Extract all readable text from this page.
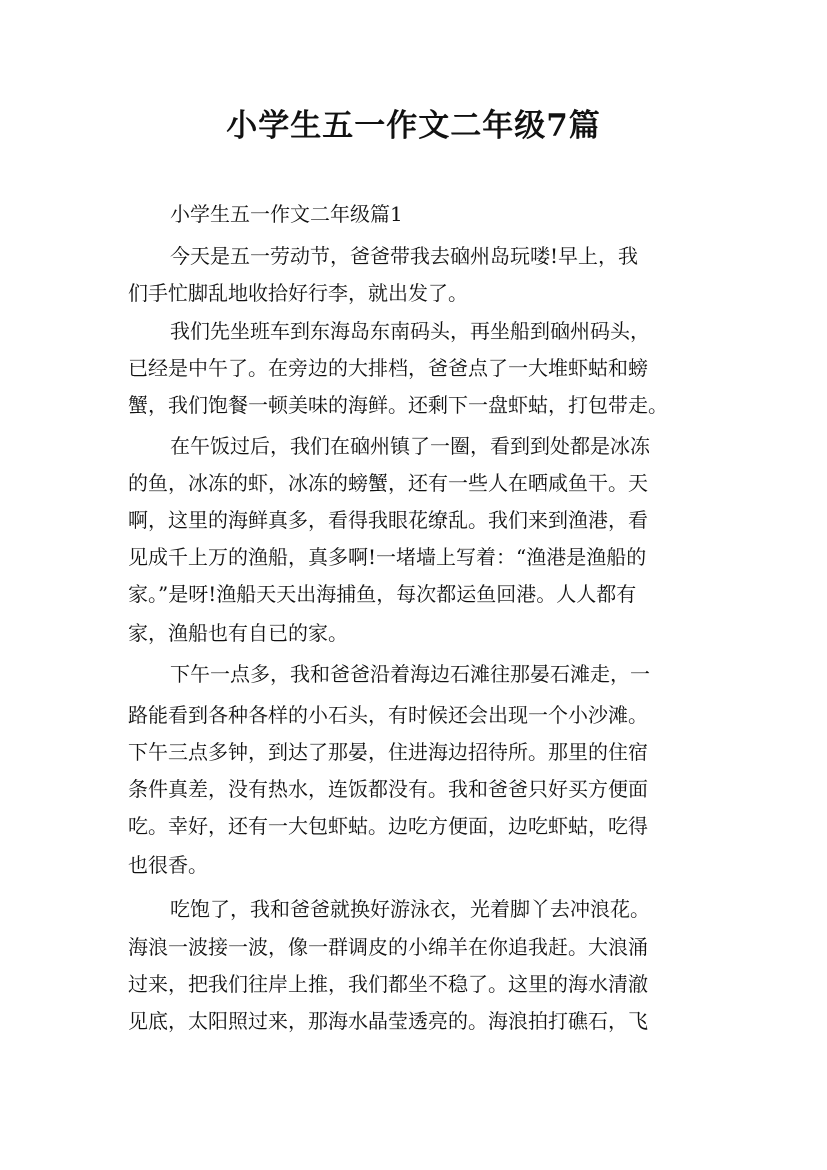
小学生五一作文二年级7篇

小学生五一作文二年级篇1

今天是五一劳动节，爸爸带我去硇州岛玩喽!早上，我

们手忙脚乱地收拾好行李，就出发了。

我们先坐班车到东海岛东南码头，再坐船到硇州码头，

已经是中午了。在旁边的大排档，爸爸点了一大堆虾蛄和螃

蟹，我们饱餐一顿美味的海鲜。还剩下一盘虾蛄，打包带走。

在午饭过后，我们在硇州镇了一圈，看到到处都是冰冻

的鱼，冰冻的虾，冰冻的螃蟹，还有一些人在晒咸鱼干。天

啊，这里的海鲜真多，看得我眼花缭乱。我们来到渔港，看

见成千上万的渔船，真多啊!一堵墙上写着：“渔港是渔船的

家。”是呀!渔船天天出海捕鱼，每次都运鱼回港。人人都有

家，渔船也有自已的家。

下午一点多，我和爸爸沿着海边石滩往那晏石滩走，一

路能看到各种各样的小石头，有时候还会出现一个小沙滩。

下午三点多钟，到达了那晏，住进海边招待所。那里的住宿

条件真差，没有热水，连饭都没有。我和爸爸只好买方便面

吃。幸好，还有一大包虾蛄。边吃方便面，边吃虾蛄，吃得

也很香。

吃饱了，我和爸爸就换好游泳衣，光着脚丫去冲浪花。

海浪一波接一波，像一群调皮的小绵羊在你追我赶。大浪涌

过来，把我们往岸上推，我们都坐不稳了。这里的海水清澈

见底，太阳照过来，那海水晶莹透亮的。海浪拍打礁石，飞
